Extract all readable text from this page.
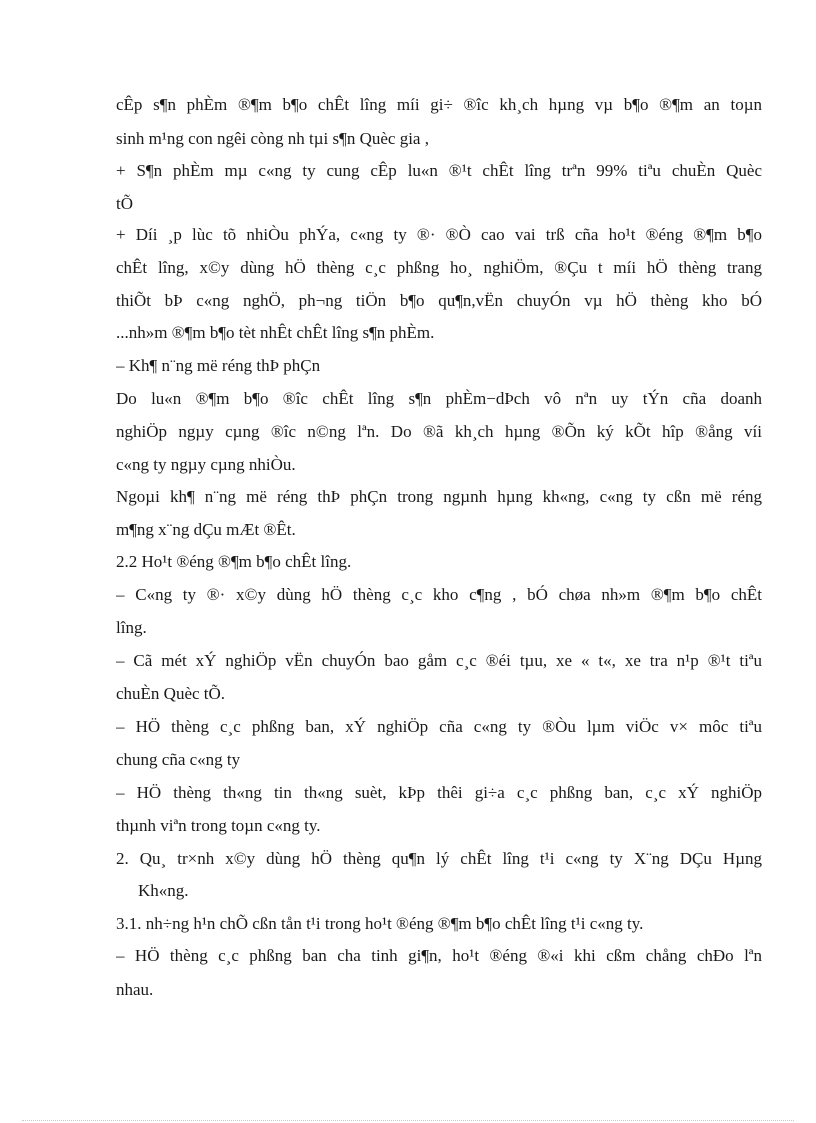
cÊp s¶n phÈm ®¶m b¶o chÊt lîng míi gi÷ ®îc kh¸ch hµng vµ b¶o ®¶m an toµn
sinh m¹ng con ngêi còng nh tµi s¶n Quèc gia ,
+ S¶n phÈm mµ c«ng ty cung cÊp lu«n ®¹t chÊt lîng trªn 99% tiªu chuÈn Quèc
tÕ
+ Díi ¸p lùc tõ nhiÒu phÝa, c«ng ty ®· ®Ò cao vai trß cña ho¹t ®éng ®¶m b¶o
chÊt lîng, x©y dùng hÖ thèng c¸c phßng ho¸ nghiÖm, ®Çu t míi hÖ thèng trang
thiÕt bÞ c«ng nghÖ, ph¬ng tiÖn b¶o qu¶n,vËn chuyÓn vµ hÖ thèng kho bÓ
...nh»m ®¶m b¶o tèt nhÊt chÊt lîng s¶n phÈm.
– Kh¶ n¨ng më réng thÞ phÇn
Do lu«n ®¶m b¶o ®îc chÊt lîng s¶n phÈm−dÞch vô nªn uy tÝn cña doanh
nghiÖp ngµy cµng ®îc n©ng lªn. Do ®ã kh¸ch hµng ®Õn ký kÕt hîp ®ång víi
c«ng ty ngµy cµng nhiÒu.
Ngoµi kh¶ n¨ng më réng thÞ phÇn trong ngµnh hµng kh«ng, c«ng ty cßn më réng
m¶ng x¨ng dÇu mÆt ®Êt.
2.2 Ho¹t ®éng ®¶m b¶o chÊt lîng.
– C«ng ty ®· x©y dùng hÖ thèng c¸c kho c¶ng , bÓ chøa nh»m ®¶m b¶o chÊt
lîng.
– Cã mét xÝ nghiÖp vËn chuyÓn bao gåm c¸c ®éi tµu, xe « t«, xe tra n¹p ®¹t tiªu
chuÈn Quèc tÕ.
– HÖ thèng c¸c phßng ban, xÝ nghiÖp cña c«ng ty ®Òu lµm viÖc v× môc tiªu
chung cña c«ng ty
– HÖ thèng th«ng tin th«ng suèt, kÞp thêi gi÷a c¸c phßng ban, c¸c xÝ nghiÖp
thµnh viªn trong toµn c«ng ty.
2. Qu¸ tr×nh x©y dùng hÖ thèng qu¶n lý chÊt lîng t¹i c«ng ty X¨ng DÇu Hµng
Kh«ng.
3.1. nh÷ng h¹n chÕ cßn tån t¹i trong ho¹t ®éng ®¶m b¶o chÊt lîng t¹i c«ng ty.
– HÖ thèng c¸c phßng ban cha tinh gi¶n, ho¹t ®éng ®«i khi cßm chång chÐo lªn
nhau.
